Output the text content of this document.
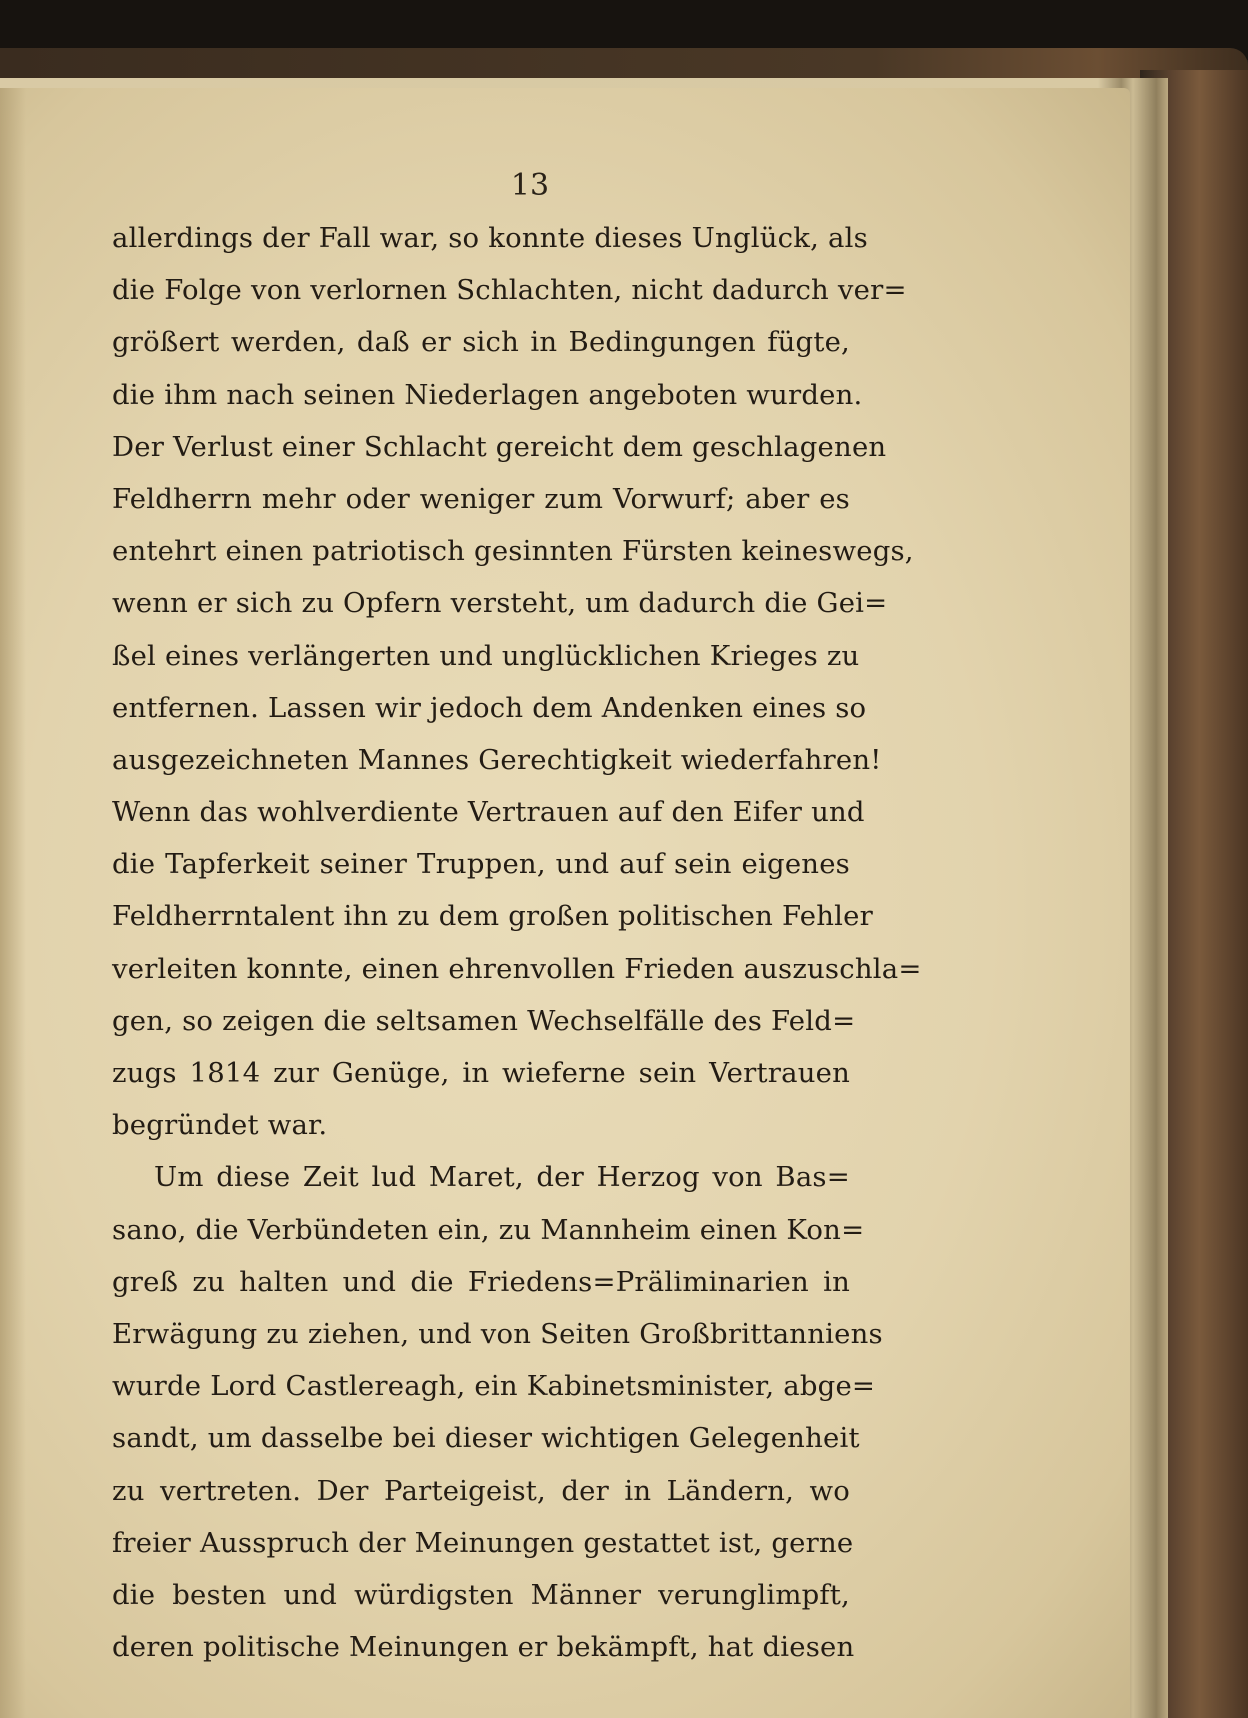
13
allerdings der Fall war, so konnte dieses Unglück, als
die Folge von verlornen Schlachten, nicht dadurch ver=
größert werden, daß er sich in Bedingungen fügte,
die ihm nach seinen Niederlagen angeboten wurden.
Der Verlust einer Schlacht gereicht dem geschlagenen
Feldherrn mehr oder weniger zum Vorwurf; aber es
entehrt einen patriotisch gesinnten Fürsten keineswegs,
wenn er sich zu Opfern versteht, um dadurch die Gei=
ßel eines verlängerten und unglücklichen Krieges zu
entfernen. Lassen wir jedoch dem Andenken eines so
ausgezeichneten Mannes Gerechtigkeit wiederfahren!
Wenn das wohlverdiente Vertrauen auf den Eifer und
die Tapferkeit seiner Truppen, und auf sein eigenes
Feldherrntalent ihn zu dem großen politischen Fehler
verleiten konnte, einen ehrenvollen Frieden auszuschla=
gen, so zeigen die seltsamen Wechselfälle des Feld=
zugs 1814 zur Genüge, in wieferne sein Vertrauen
begründet war.
Um diese Zeit lud Maret, der Herzog von Bas=
sano, die Verbündeten ein, zu Mannheim einen Kon=
greß zu halten und die Friedens=Präliminarien in
Erwägung zu ziehen, und von Seiten Großbrittanniens
wurde Lord Castlereagh, ein Kabinetsminister, abge=
sandt, um dasselbe bei dieser wichtigen Gelegenheit
zu vertreten. Der Parteigeist, der in Ländern, wo
freier Ausspruch der Meinungen gestattet ist, gerne
die besten und würdigsten Männer verunglimpft,
deren politische Meinungen er bekämpft, hat diesen
